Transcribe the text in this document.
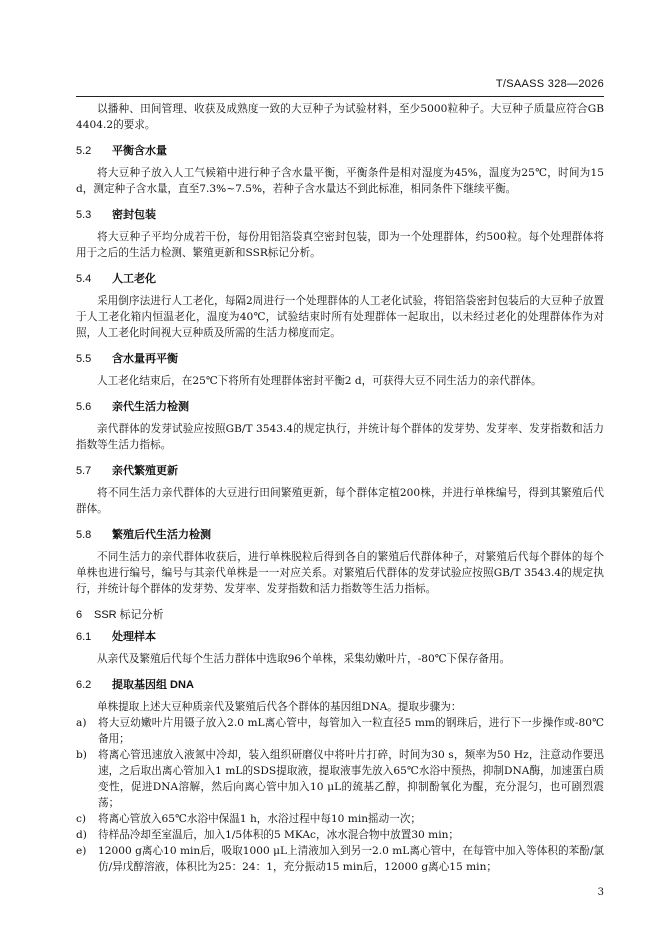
T/SAASS 328—2026

以播种、田间管理、收获及成熟度一致的大豆种子为试验材料，至少5000粒种子。大豆种子质量应符合GB 4404.2的要求。

5.2 平衡含水量

将大豆种子放入人工气候箱中进行种子含水量平衡，平衡条件是相对湿度为45%，温度为25℃，时间为15 d，测定种子含水量，直至7.3%~7.5%，若种子含水量达不到此标准，相同条件下继续平衡。

5.3 密封包装

将大豆种子平均分成若干份，每份用铝箔袋真空密封包装，即为一个处理群体，约500粒。每个处理群体将用于之后的生活力检测、繁殖更新和SSR标记分析。

5.4 人工老化

采用倒序法进行人工老化，每隔2周进行一个处理群体的人工老化试验，将铝箔袋密封包装后的大豆种子放置于人工老化箱内恒温老化，温度为40℃，试验结束时所有处理群体一起取出，以未经过老化的处理群体作为对照，人工老化时间视大豆种质及所需的生活力梯度而定。

5.5 含水量再平衡

人工老化结束后，在25℃下将所有处理群体密封平衡2 d，可获得大豆不同生活力的亲代群体。

5.6 亲代生活力检测

亲代群体的发芽试验应按照GB/T 3543.4的规定执行，并统计每个群体的发芽势、发芽率、发芽指数和活力指数等生活力指标。

5.7 亲代繁殖更新

将不同生活力亲代群体的大豆进行田间繁殖更新，每个群体定植200株，并进行单株编号，得到其繁殖后代群体。

5.8 繁殖后代生活力检测

不同生活力的亲代群体收获后，进行单株脱粒后得到各自的繁殖后代群体种子，对繁殖后代每个群体的每个单株也进行编号，编号与其亲代单株是一一对应关系。对繁殖后代群体的发芽试验应按照GB/T 3543.4的规定执行，并统计每个群体的发芽势、发芽率、发芽指数和活力指数等生活力指标。

6 SSR 标记分析
6.1 处理样本

从亲代及繁殖后代每个生活力群体中选取96个单株，采集幼嫩叶片，-80℃下保存备用。

6.2 提取基因组 DNA

单株提取上述大豆种质亲代及繁殖后代各个群体的基因组DNA。提取步骤为：

a) 将大豆幼嫩叶片用镊子放入2.0 mL离心管中，每管加入一粒直径5 mm的钢珠后，进行下一步操作或-80℃备用；
b) 将离心管迅速放入液氮中冷却，装入组织研磨仪中将叶片打碎，时间为30 s，频率为50 Hz，注意动作要迅速，之后取出离心管加入1 mL的SDS提取液，提取液事先放入65℃水浴中预热，抑制DNA酶，加速蛋白质变性，促进DNA溶解，然后向离心管中加入10 μL的巯基乙醇，抑制酚氧化为醌，充分混匀，也可剧烈震荡；
c) 将离心管放入65℃水浴中保温1 h，水浴过程中每10 min摇动一次；
d) 待样品冷却至室温后，加入1/5体积的5 MKAc，冰水混合物中放置30 min；
e) 12000 g离心10 min后，吸取1000 μL上清液加入到另一2.0 mL离心管中，在每管中加入等体积的苯酚/氯仿/异戊醇溶液，体积比为25：24：1，充分振动15 min后，12000 g离心15 min；
3
